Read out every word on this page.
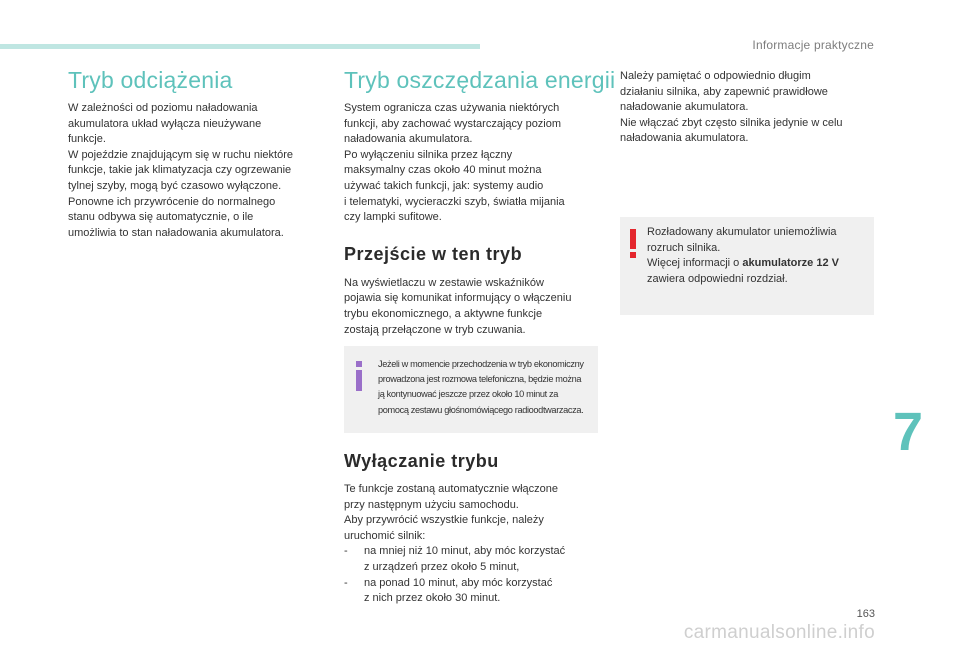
Informacje praktyczne
Tryb odciążenia
W zależności od poziomu naładowania
akumulatora układ wyłącza nieużywane
funkcje.
W pojeździe znajdującym się w ruchu niektóre
funkcje, takie jak klimatyzacja czy ogrzewanie
tylnej szyby, mogą być czasowo wyłączone.
Ponowne ich przywrócenie do normalnego
stanu odbywa się automatycznie, o ile
umożliwia to stan naładowania akumulatora.
Tryb oszczędzania energii
System ogranicza czas używania niektórych
funkcji, aby zachować wystarczający poziom
naładowania akumulatora.
Po wyłączeniu silnika przez łączny
maksymalny czas około 40 minut można
używać takich funkcji, jak: systemy audio
i telematyki, wycieraczki szyb, światła mijania
czy lampki sufitowe.
Przejście w ten tryb
Na wyświetlaczu w zestawie wskaźników
pojawia się komunikat informujący o włączeniu
trybu ekonomicznego, a aktywne funkcje
zostają przełączone w tryb czuwania.
Jeżeli w momencie przechodzenia w tryb ekonomiczny
prowadzona jest rozmowa telefoniczna, będzie można
ją kontynuować jeszcze przez około 10 minut za
pomocą zestawu głośnomówiącego radioodtwarzacza.
Wyłączanie trybu
Te funkcje zostaną automatycznie włączone
przy następnym użyciu samochodu.
Aby przywrócić wszystkie funkcje, należy
uruchomić silnik:
-	na mniej niż 10 minut, aby móc korzystać
z urządzeń przez około 5 minut,
-	na ponad 10 minut, aby móc korzystać
z nich przez około 30 minut.
Należy pamiętać o odpowiednio długim
działaniu silnika, aby zapewnić prawidłowe
naładowanie akumulatora.
Nie włączać zbyt często silnika jedynie w celu
naładowania akumulatora.
Rozładowany akumulator uniemożliwia
rozruch silnika.
Więcej informacji o akumulatorze 12 V
zawiera odpowiedni rozdział.
7
163
carmanualsonline.info
